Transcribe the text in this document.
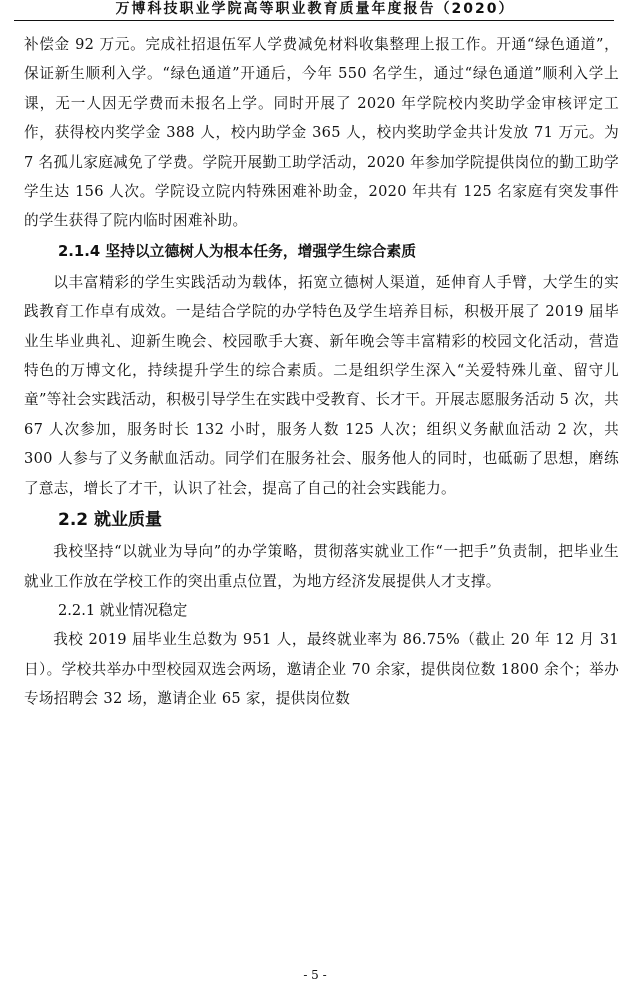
万博科技职业学院高等职业教育质量年度报告（2020）

补偿金 92 万元。完成社招退伍军人学费减免材料收集整理上报工作。开通“绿色通道”，保证新生顺利入学。“绿色通道”开通后，今年 550 名学生，通过“绿色通道”顺利入学上课，无一人因无学费而未报名上学。同时开展了 2020 年学院校内奖助学金审核评定工作，获得校内奖学金 388 人，校内助学金 365 人，校内奖助学金共计发放 71 万元。为 7 名孤儿家庭减免了学费。学院开展勤工助学活动，2020 年参加学院提供岗位的勤工助学学生达 156 人次。学院设立院内特殊困难补助金，2020 年共有 125 名家庭有突发事件的学生获得了院内临时困难补助。

2.1.4 坚持以立德树人为根本任务，增强学生综合素质

以丰富精彩的学生实践活动为载体，拓宽立德树人渠道，延伸育人手臂，大学生的实践教育工作卓有成效。一是结合学院的办学特色及学生培养目标，积极开展了 2019 届毕业生毕业典礼、迎新生晚会、校园歌手大赛、新年晚会等丰富精彩的校园文化活动，营造特色的万博文化，持续提升学生的综合素质。二是组织学生深入“关爱特殊儿童、留守儿童”等社会实践活动，积极引导学生在实践中受教育、长才干。开展志愿服务活动 5 次，共 67 人次参加，服务时长 132 小时，服务人数 125 人次；组织义务献血活动 2 次，共 300 人参与了义务献血活动。同学们在服务社会、服务他人的同时，也砥砺了思想，磨练了意志，增长了才干，认识了社会，提高了自己的社会实践能力。

2.2 就业质量

我校坚持“以就业为导向”的办学策略，贯彻落实就业工作“一把手”负责制，把毕业生就业工作放在学校工作的突出重点位置，为地方经济发展提供人才支撑。

2.2.1 就业情况稳定

我校 2019 届毕业生总数为 951 人，最终就业率为 86.75%（截止 20 年 12 月 31 日）。学校共举办中型校园双选会两场，邀请企业 70 余家，提供岗位数 1800 余个；举办专场招聘会 32 场，邀请企业 65 家，提供岗位数

- 5 -
